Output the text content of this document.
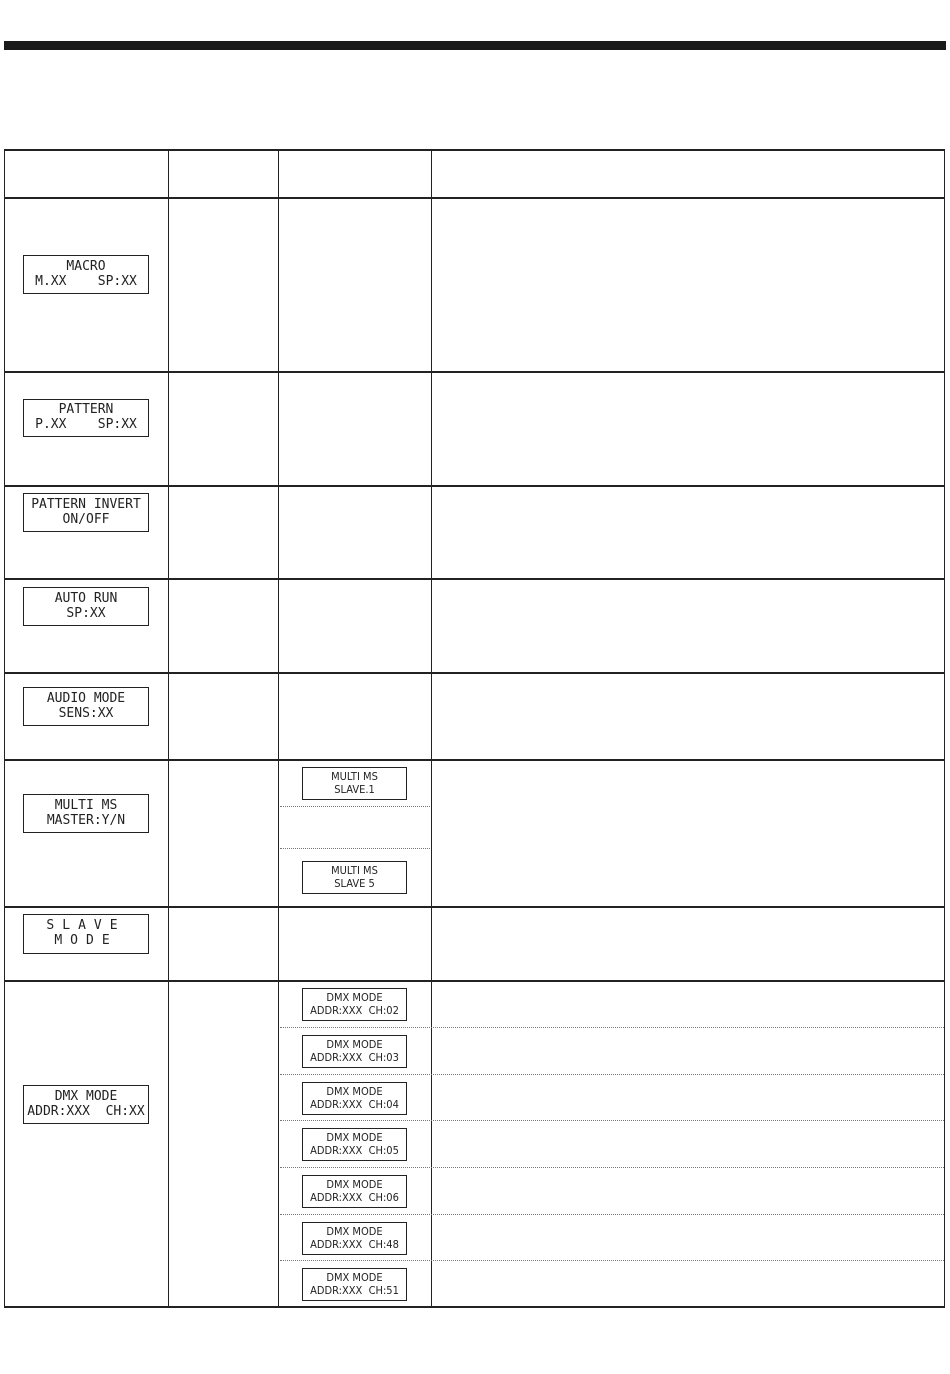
MACRO
M.XX    SP:XX
PATTERN
P.XX    SP:XX
PATTERN INVERT
ON/OFF
AUTO RUN
SP:XX
AUDIO MODE
SENS:XX
MULTI MS
MASTER:Y/N
SLAVE
MODE
DMX MODE
ADDR:XXX  CH:XX
MULTI MS
SLAVE.1
MULTI MS
SLAVE 5
DMX MODE
ADDR:XXX  CH:02
DMX MODE
ADDR:XXX  CH:03
DMX MODE
ADDR:XXX  CH:04
DMX MODE
ADDR:XXX  CH:05
DMX MODE
ADDR:XXX  CH:06
DMX MODE
ADDR:XXX  CH:48
DMX MODE
ADDR:XXX  CH:51
